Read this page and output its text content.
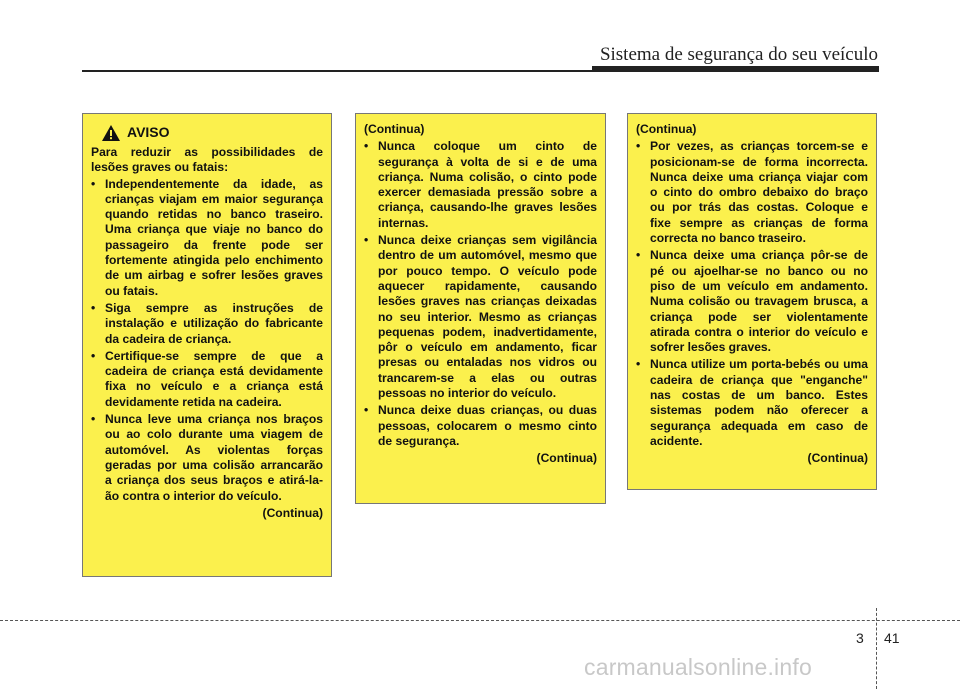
Sistema de segurança do seu veículo
AVISO
Para reduzir as possibilidades de lesões graves ou fatais:
• Independentemente da idade, as crianças viajam em maior segurança quando retidas no banco traseiro. Uma criança que viaje no banco do passageiro da frente pode ser fortemente atingida pelo enchimento de um airbag e sofrer lesões graves ou fatais.
• Siga sempre as instruções de instalação e utilização do fabricante da cadeira de criança.
• Certifique-se sempre de que a cadeira de criança está devidamente fixa no veículo e a criança está devidamente retida na cadeira.
• Nunca leve uma criança nos braços ou ao colo durante uma viagem de automóvel. As violentas forças geradas por uma colisão arrancarão a criança dos seus braços e atirá-la-ão contra o interior do veículo.
(Continua)
(Continua)
• Nunca coloque um cinto de segurança à volta de si e de uma criança. Numa colisão, o cinto pode exercer demasiada pressão sobre a criança, causando-lhe graves lesões internas.
• Nunca deixe crianças sem vigilância dentro de um automóvel, mesmo que por pouco tempo. O veículo pode aquecer rapidamente, causando lesões graves nas crianças deixadas no seu interior. Mesmo as crianças pequenas podem, inadvertidamente, pôr o veículo em andamento, ficar presas ou entaladas nos vidros ou trancarem-se a elas ou outras pessoas no interior do veículo.
• Nunca deixe duas crianças, ou duas pessoas, colocarem o mesmo cinto de segurança.
(Continua)
(Continua)
• Por vezes, as crianças torcem-se e posicionam-se de forma incorrecta. Nunca deixe uma criança viajar com o cinto do ombro debaixo do braço ou por trás das costas. Coloque e fixe sempre as crianças de forma correcta no banco traseiro.
• Nunca deixe uma criança pôr-se de pé ou ajoelhar-se no banco ou no piso de um veículo em andamento. Numa colisão ou travagem brusca, a criança pode ser violentamente atirada contra o interior do veículo e sofrer lesões graves.
• Nunca utilize um porta-bebés ou uma cadeira de criança que "enganche" nas costas de um banco. Estes sistemas podem não oferecer a segurança adequada em caso de acidente.
(Continua)
3 41
carmanualsonline.info
